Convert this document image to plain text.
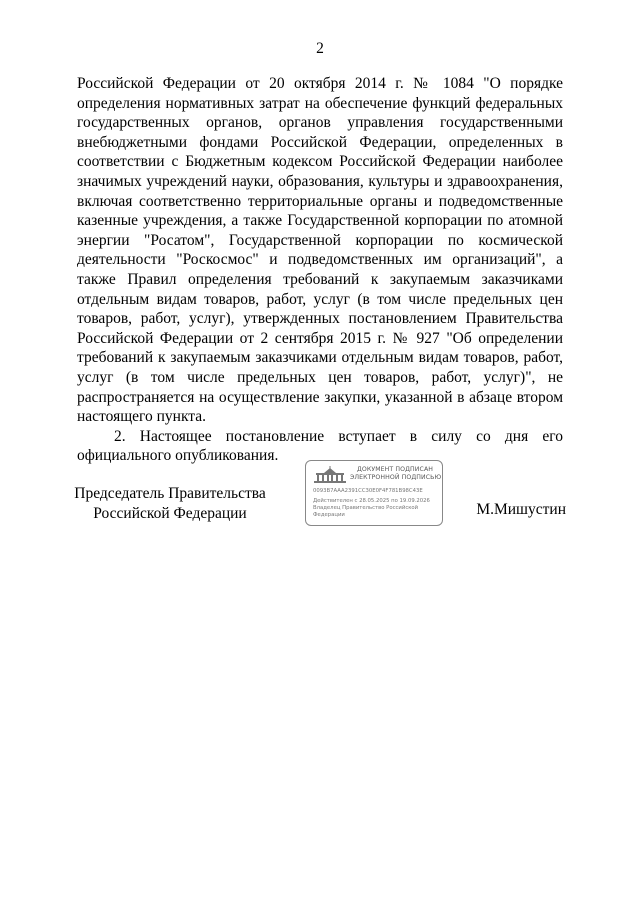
2

Российской Федерации от 20 октября 2014 г. № 1084 "О порядке определения нормативных затрат на обеспечение функций федеральных государственных органов, органов управления государственными внебюджетными фондами Российской Федерации, определенных в соответствии с Бюджетным кодексом Российской Федерации наиболее значимых учреждений науки, образования, культуры и здравоохранения, включая соответственно территориальные органы и подведомственные казенные учреждения, а также Государственной корпорации по атомной энергии "Росатом", Государственной корпорации по космической деятельности "Роскосмос" и подведомственных им организаций", а также Правил определения требований к закупаемым заказчиками отдельным видам товаров, работ, услуг (в том числе предельных цен товаров, работ, услуг), утвержденных постановлением Правительства Российской Федерации от 2 сентября 2015 г. № 927 "Об определении требований к закупаемым заказчиками отдельным видам товаров, работ, услуг (в том числе предельных цен товаров, работ, услуг)", не распространяется на осуществление закупки, указанной в абзаце втором настоящего пункта.

2. Настоящее постановление вступает в силу со дня его официального опубликования.

Председатель Правительства
Российской Федерации
ДОКУМЕНТ ПОДПИСАН
ЭЛЕКТРОННОЙ ПОДПИСЬЮ
0093B7AAA2391CC30E0F4F781B98C43E
Действителен с 28.05.2025 по 19.09.2026
Владелец Правительство Российской
Федерации	М.Мишустин
